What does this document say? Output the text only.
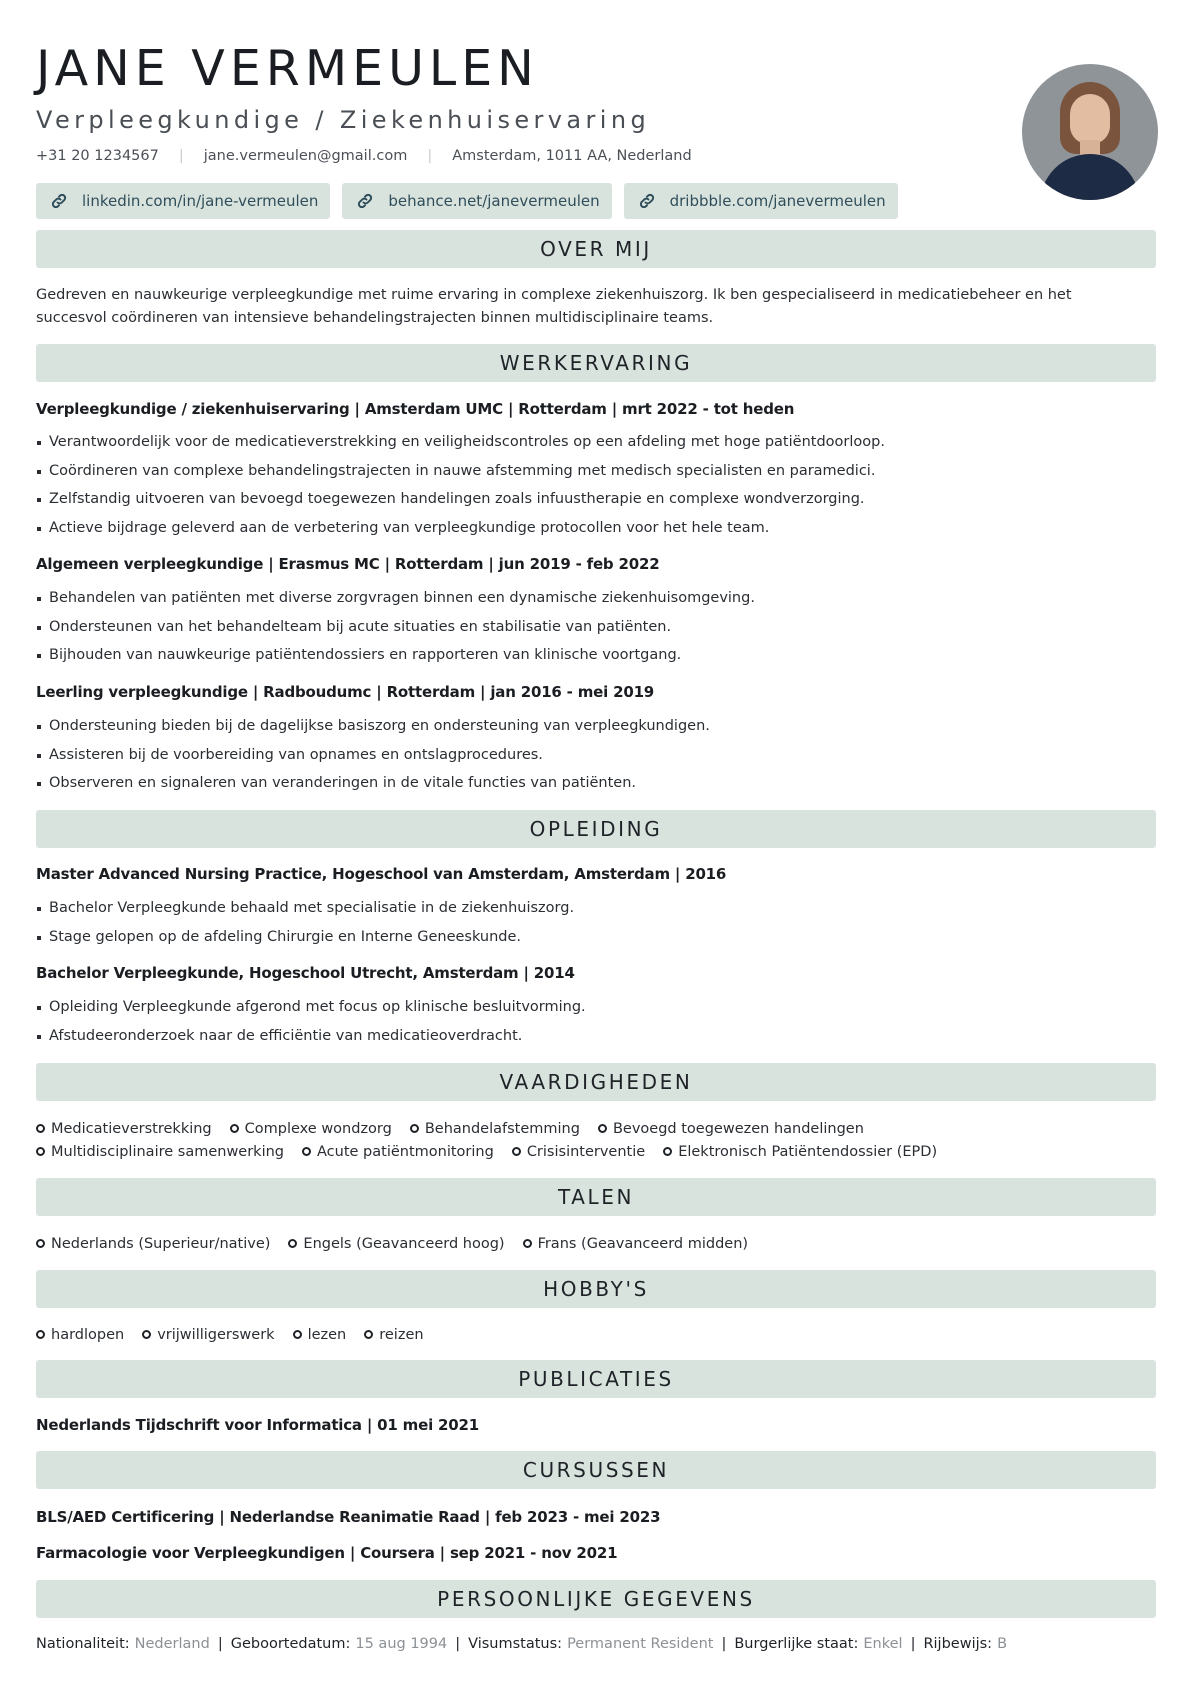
JANE VERMEULEN
Verpleegkundige / Ziekenhuiservaring
+31 20 1234567 | jane.vermeulen@gmail.com | Amsterdam, 1011 AA, Nederland
linkedin.com/in/jane-vermeulen	behance.net/janevermeulen	dribbble.com/janevermeulen
OVER MIJ
Gedreven en nauwkeurige verpleegkundige met ruime ervaring in complexe ziekenhuiszorg. Ik ben gespecialiseerd in medicatiebeheer en het succesvol coördineren van intensieve behandelingstrajecten binnen multidisciplinaire teams.
WERKERVARING
Verpleegkundige / ziekenhuiservaring | Amsterdam UMC | Rotterdam | mrt 2022 - tot heden
Verantwoordelijk voor de medicatieverstrekking en veiligheidscontroles op een afdeling met hoge patiëntdoorloop.
Coördineren van complexe behandelingstrajecten in nauwe afstemming met medisch specialisten en paramedici.
Zelfstandig uitvoeren van bevoegd toegewezen handelingen zoals infuustherapie en complexe wondverzorging.
Actieve bijdrage geleverd aan de verbetering van verpleegkundige protocollen voor het hele team.
Algemeen verpleegkundige | Erasmus MC | Rotterdam | jun 2019 - feb 2022
Behandelen van patiënten met diverse zorgvragen binnen een dynamische ziekenhuisomgeving.
Ondersteunen van het behandelteam bij acute situaties en stabilisatie van patiënten.
Bijhouden van nauwkeurige patiëntendossiers en rapporteren van klinische voortgang.
Leerling verpleegkundige | Radboudumc | Rotterdam | jan 2016 - mei 2019
Ondersteuning bieden bij de dagelijkse basiszorg en ondersteuning van verpleegkundigen.
Assisteren bij de voorbereiding van opnames en ontslagprocedures.
Observeren en signaleren van veranderingen in de vitale functies van patiënten.
OPLEIDING
Master Advanced Nursing Practice, Hogeschool van Amsterdam, Amsterdam | 2016
Bachelor Verpleegkunde behaald met specialisatie in de ziekenhuiszorg.
Stage gelopen op de afdeling Chirurgie en Interne Geneeskunde.
Bachelor Verpleegkunde, Hogeschool Utrecht, Amsterdam | 2014
Opleiding Verpleegkunde afgerond met focus op klinische besluitvorming.
Afstudeeronderzoek naar de efficiëntie van medicatieoverdracht.
VAARDIGHEDEN
Medicatieverstrekking Complexe wondzorg Behandelafstemming Bevoegd toegewezen handelingen
Multidisciplinaire samenwerking Acute patiëntmonitoring Crisisinterventie Elektronisch Patiëntendossier (EPD)
TALEN
Nederlands (Superieur/native) Engels (Geavanceerd hoog) Frans (Geavanceerd midden)
HOBBY'S
hardlopen vrijwilligerswerk lezen reizen
PUBLICATIES
Nederlands Tijdschrift voor Informatica | 01 mei 2021
CURSUSSEN
BLS/AED Certificering | Nederlandse Reanimatie Raad | feb 2023 - mei 2023
Farmacologie voor Verpleegkundigen | Coursera | sep 2021 - nov 2021
PERSOONLIJKE GEGEVENS
Nationaliteit: Nederland | Geboortedatum: 15 aug 1994 | Visumstatus: Permanent Resident | Burgerlijke staat: Enkel | Rijbewijs: B
